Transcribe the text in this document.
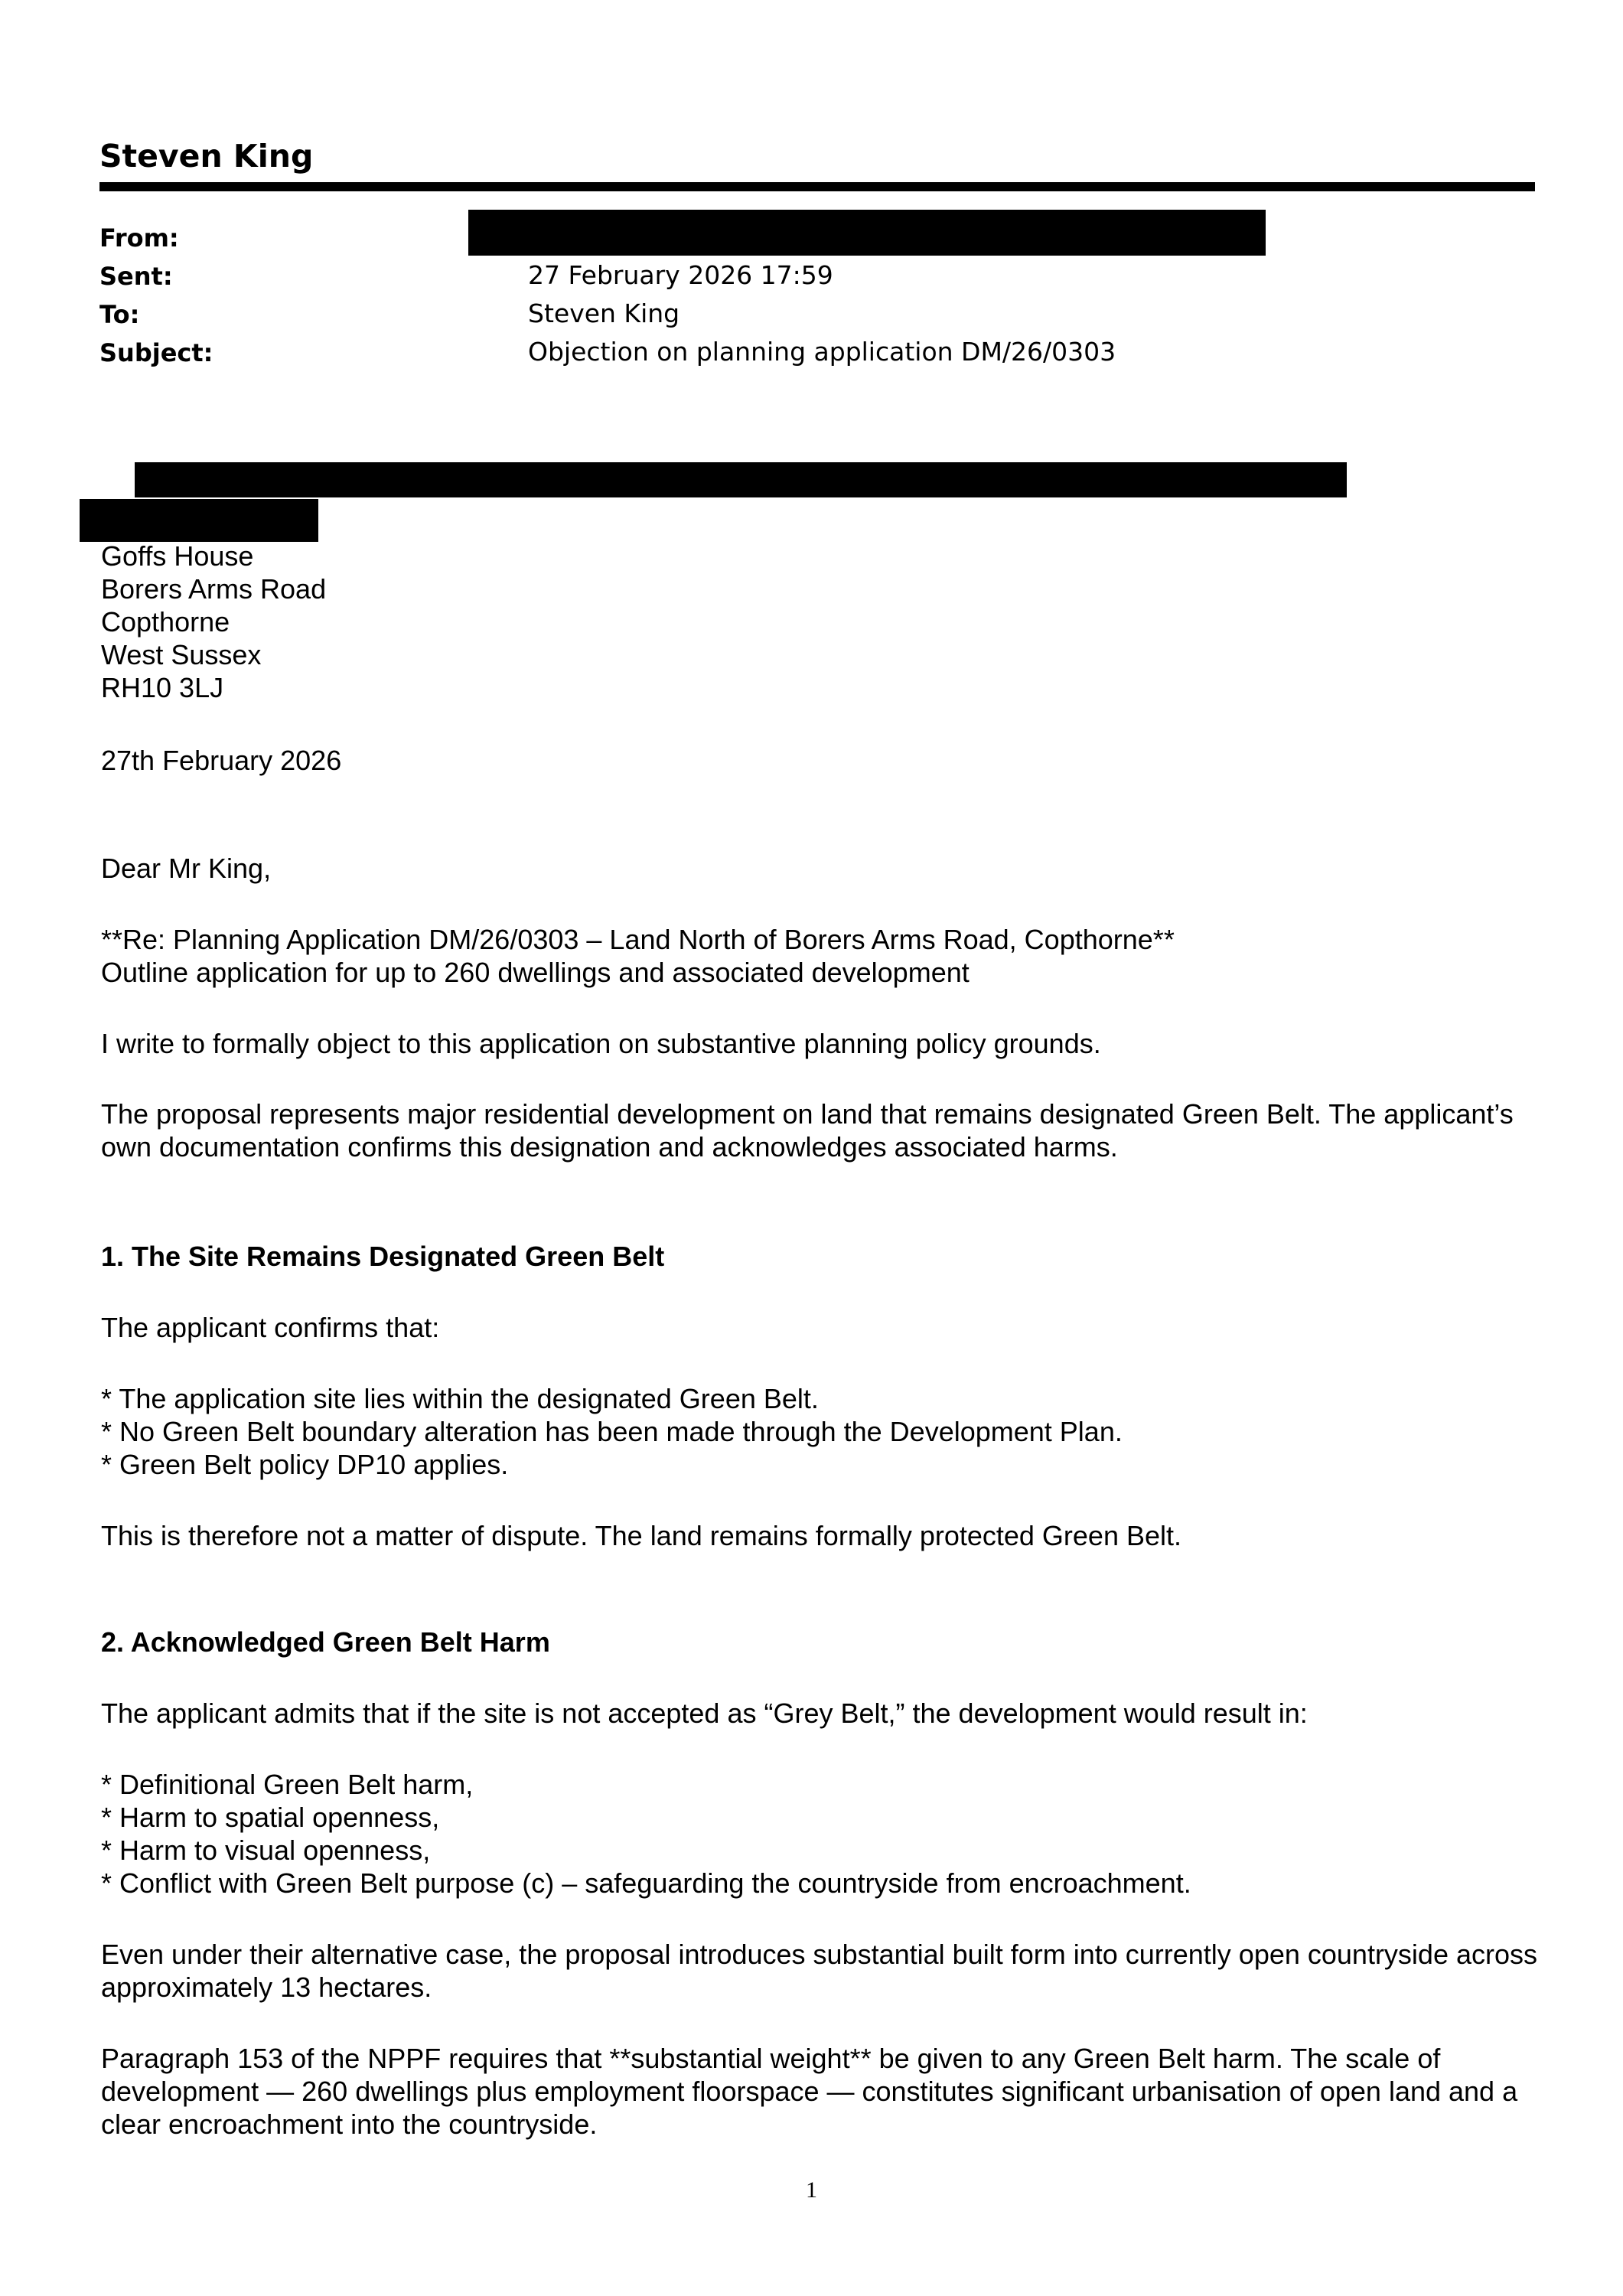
Steven King
From:
Sent:	27 February 2026 17:59
To:	Steven King
Subject:	Objection on planning application DM/26/0303
Goffs House
Borers Arms Road
Copthorne
West Sussex
RH10 3LJ
27th February 2026
Dear Mr King,
**Re: Planning Application DM/26/0303 – Land North of Borers Arms Road, Copthorne**
Outline application for up to 260 dwellings and associated development
I write to formally object to this application on substantive planning policy grounds.
The proposal represents major residential development on land that remains designated Green Belt. The applicant’s own documentation confirms this designation and acknowledges associated harms.
1. The Site Remains Designated Green Belt
The applicant confirms that:
* The application site lies within the designated Green Belt.
* No Green Belt boundary alteration has been made through the Development Plan.
* Green Belt policy DP10 applies.
This is therefore not a matter of dispute. The land remains formally protected Green Belt.
2. Acknowledged Green Belt Harm
The applicant admits that if the site is not accepted as “Grey Belt,” the development would result in:
* Definitional Green Belt harm,
* Harm to spatial openness,
* Harm to visual openness,
* Conflict with Green Belt purpose (c) – safeguarding the countryside from encroachment.
Even under their alternative case, the proposal introduces substantial built form into currently open countryside across approximately 13 hectares.
Paragraph 153 of the NPPF requires that **substantial weight** be given to any Green Belt harm. The scale of development — 260 dwellings plus employment floorspace — constitutes significant urbanisation of open land and a clear encroachment into the countryside.
1
